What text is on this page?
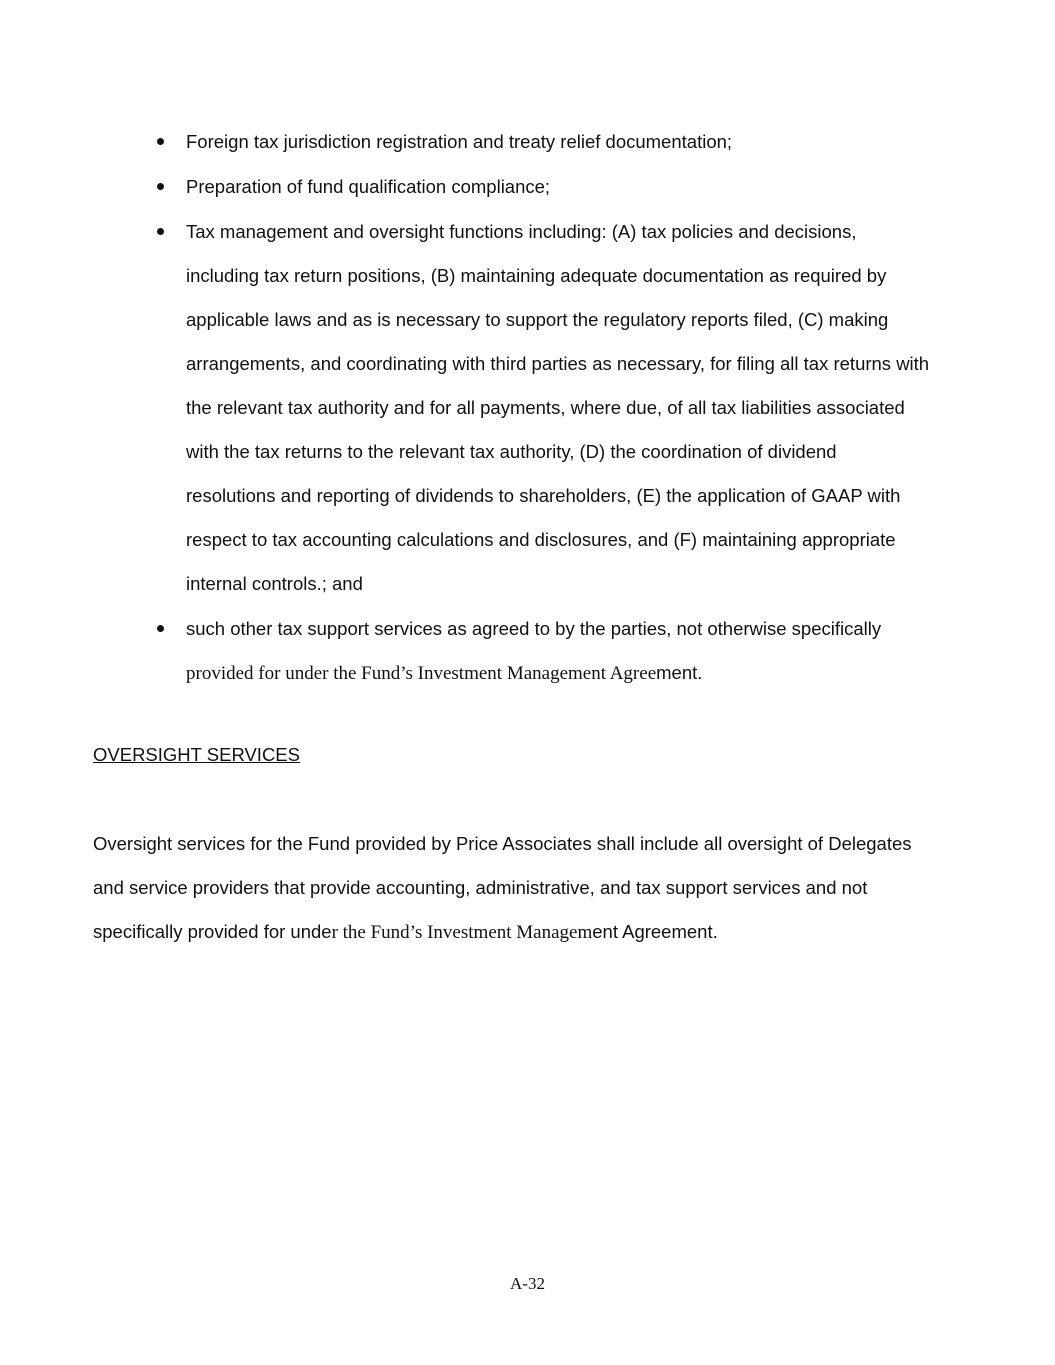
Foreign tax jurisdiction registration and treaty relief documentation;
Preparation of fund qualification compliance;
Tax management and oversight functions including: (A) tax policies and decisions, including tax return positions, (B) maintaining adequate documentation as required by applicable laws and as is necessary to support the regulatory reports filed, (C) making arrangements, and coordinating with third parties as necessary, for filing all tax returns with the relevant tax authority and for all payments, where due, of all tax liabilities associated with the tax returns to the relevant tax authority, (D) the coordination of dividend resolutions and reporting of dividends to shareholders, (E) the application of GAAP with respect to tax accounting calculations and disclosures, and (F) maintaining appropriate internal controls.; and
such other tax support services as agreed to by the parties, not otherwise specifically provided for under the Fund’s Investment Management Agreement.
OVERSIGHT SERVICES

Oversight services for the Fund provided by Price Associates shall include all oversight of Delegates and service providers that provide accounting, administrative, and tax support services and not specifically provided for under the Fund’s Investment Management Agreement.

A-32
